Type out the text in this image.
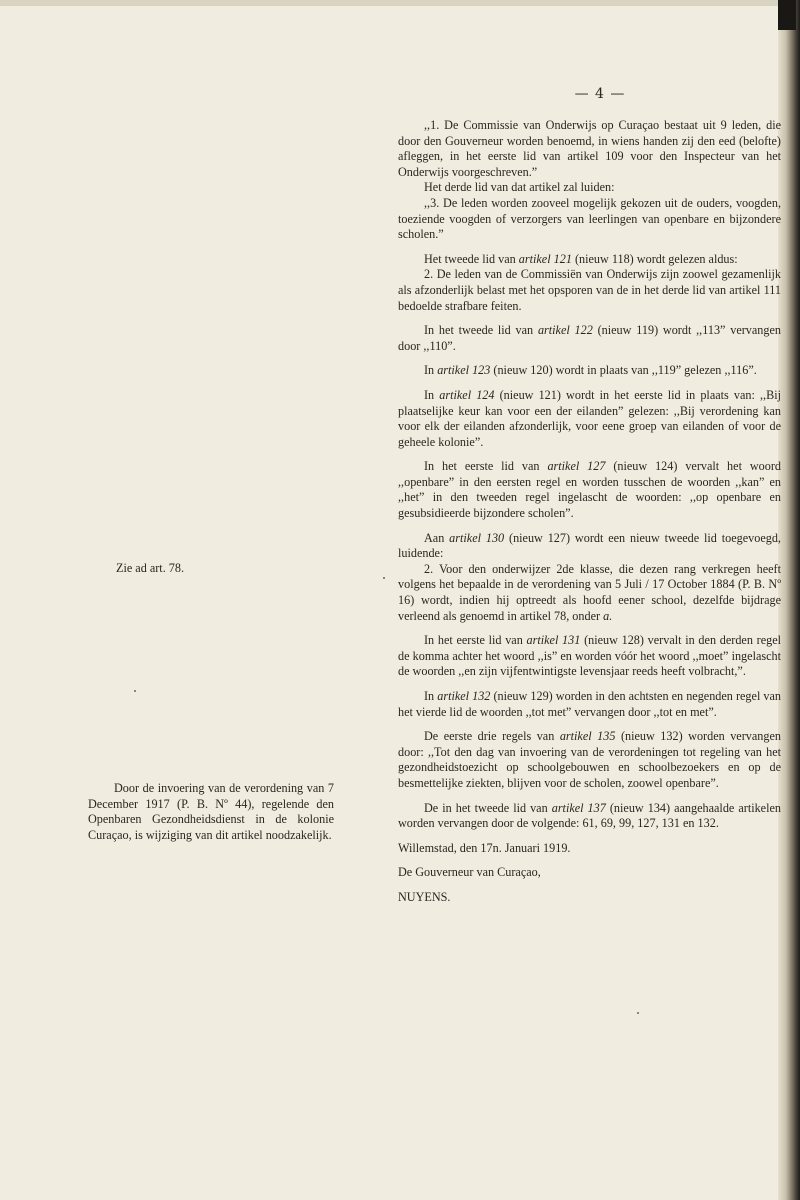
— 4 —
Zie ad art. 78.
Door de invoering van de verordening van 7 December 1917 (P. B. Nº 44), regelende den Openbaren Gezondheidsdienst in de kolonie Curaçao, is wijziging van dit artikel noodzakelijk.

,,1. De Commissie van Onderwijs op Curaçao bestaat uit 9 leden, die door den Gouverneur worden benoemd, in wiens handen zij den eed (belofte) afleggen, in het eerste lid van artikel 109 voor den Inspecteur van het Onderwijs voorgeschreven.”

Het derde lid van dat artikel zal luiden:

,,3. De leden worden zooveel mogelijk gekozen uit de ouders, voogden, toeziende voogden of verzorgers van leerlingen van openbare en bijzondere scholen.”

Het tweede lid van artikel 121 (nieuw 118) wordt gelezen aldus:

2. De leden van de Commissiën van Onderwijs zijn zoowel gezamenlijk als afzonderlijk belast met het opsporen van de in het derde lid van artikel 111 bedoelde strafbare feiten.

In het tweede lid van artikel 122 (nieuw 119) wordt ,,113” vervangen door ,,110”.

In artikel 123 (nieuw 120) wordt in plaats van ,,119” gelezen ,,116”.

In artikel 124 (nieuw 121) wordt in het eerste lid in plaats van: ,,Bij plaatselijke keur kan voor een der eilanden” gelezen: ,,Bij verordening kan voor elk der eilanden afzonderlijk, voor eene groep van eilanden of voor de geheele kolonie”.

In het eerste lid van artikel 127 (nieuw 124) vervalt het woord ,,openbare” in den eersten regel en worden tusschen de woorden ,,kan” en ,,het” in den tweeden regel ingelascht de woorden: ,,op openbare en gesubsidieerde bijzondere scholen”.

Aan artikel 130 (nieuw 127) wordt een nieuw tweede lid toegevoegd, luidende:

2. Voor den onderwijzer 2de klasse, die dezen rang verkregen heeft volgens het bepaalde in de verordening van 5 Juli / 17 October 1884 (P. B. Nº 16) wordt, indien hij optreedt als hoofd eener school, dezelfde bijdrage verleend als genoemd in artikel 78, onder a.

In het eerste lid van artikel 131 (nieuw 128) vervalt in den derden regel de komma achter het woord ,,is” en worden vóór het woord ,,moet” ingelascht de woorden ,,en zijn vijfentwintigste levensjaar reeds heeft volbracht,”.

In artikel 132 (nieuw 129) worden in den achtsten en negenden regel van het vierde lid de woorden ,,tot met” vervangen door ,,tot en met”.

De eerste drie regels van artikel 135 (nieuw 132) worden vervangen door: ,,Tot den dag van invoering van de verordeningen tot regeling van het gezondheidstoezicht op schoolgebouwen en schoolbezoekers en op de besmettelijke ziekten, blijven voor de scholen, zoowel openbare”.

De in het tweede lid van artikel 137 (nieuw 134) aangehaalde artikelen worden vervangen door de volgende: 61, 69, 99, 127, 131 en 132.

Willemstad, den 17n. Januari 1919.

De Gouverneur van Curaçao,

NUYENS.
